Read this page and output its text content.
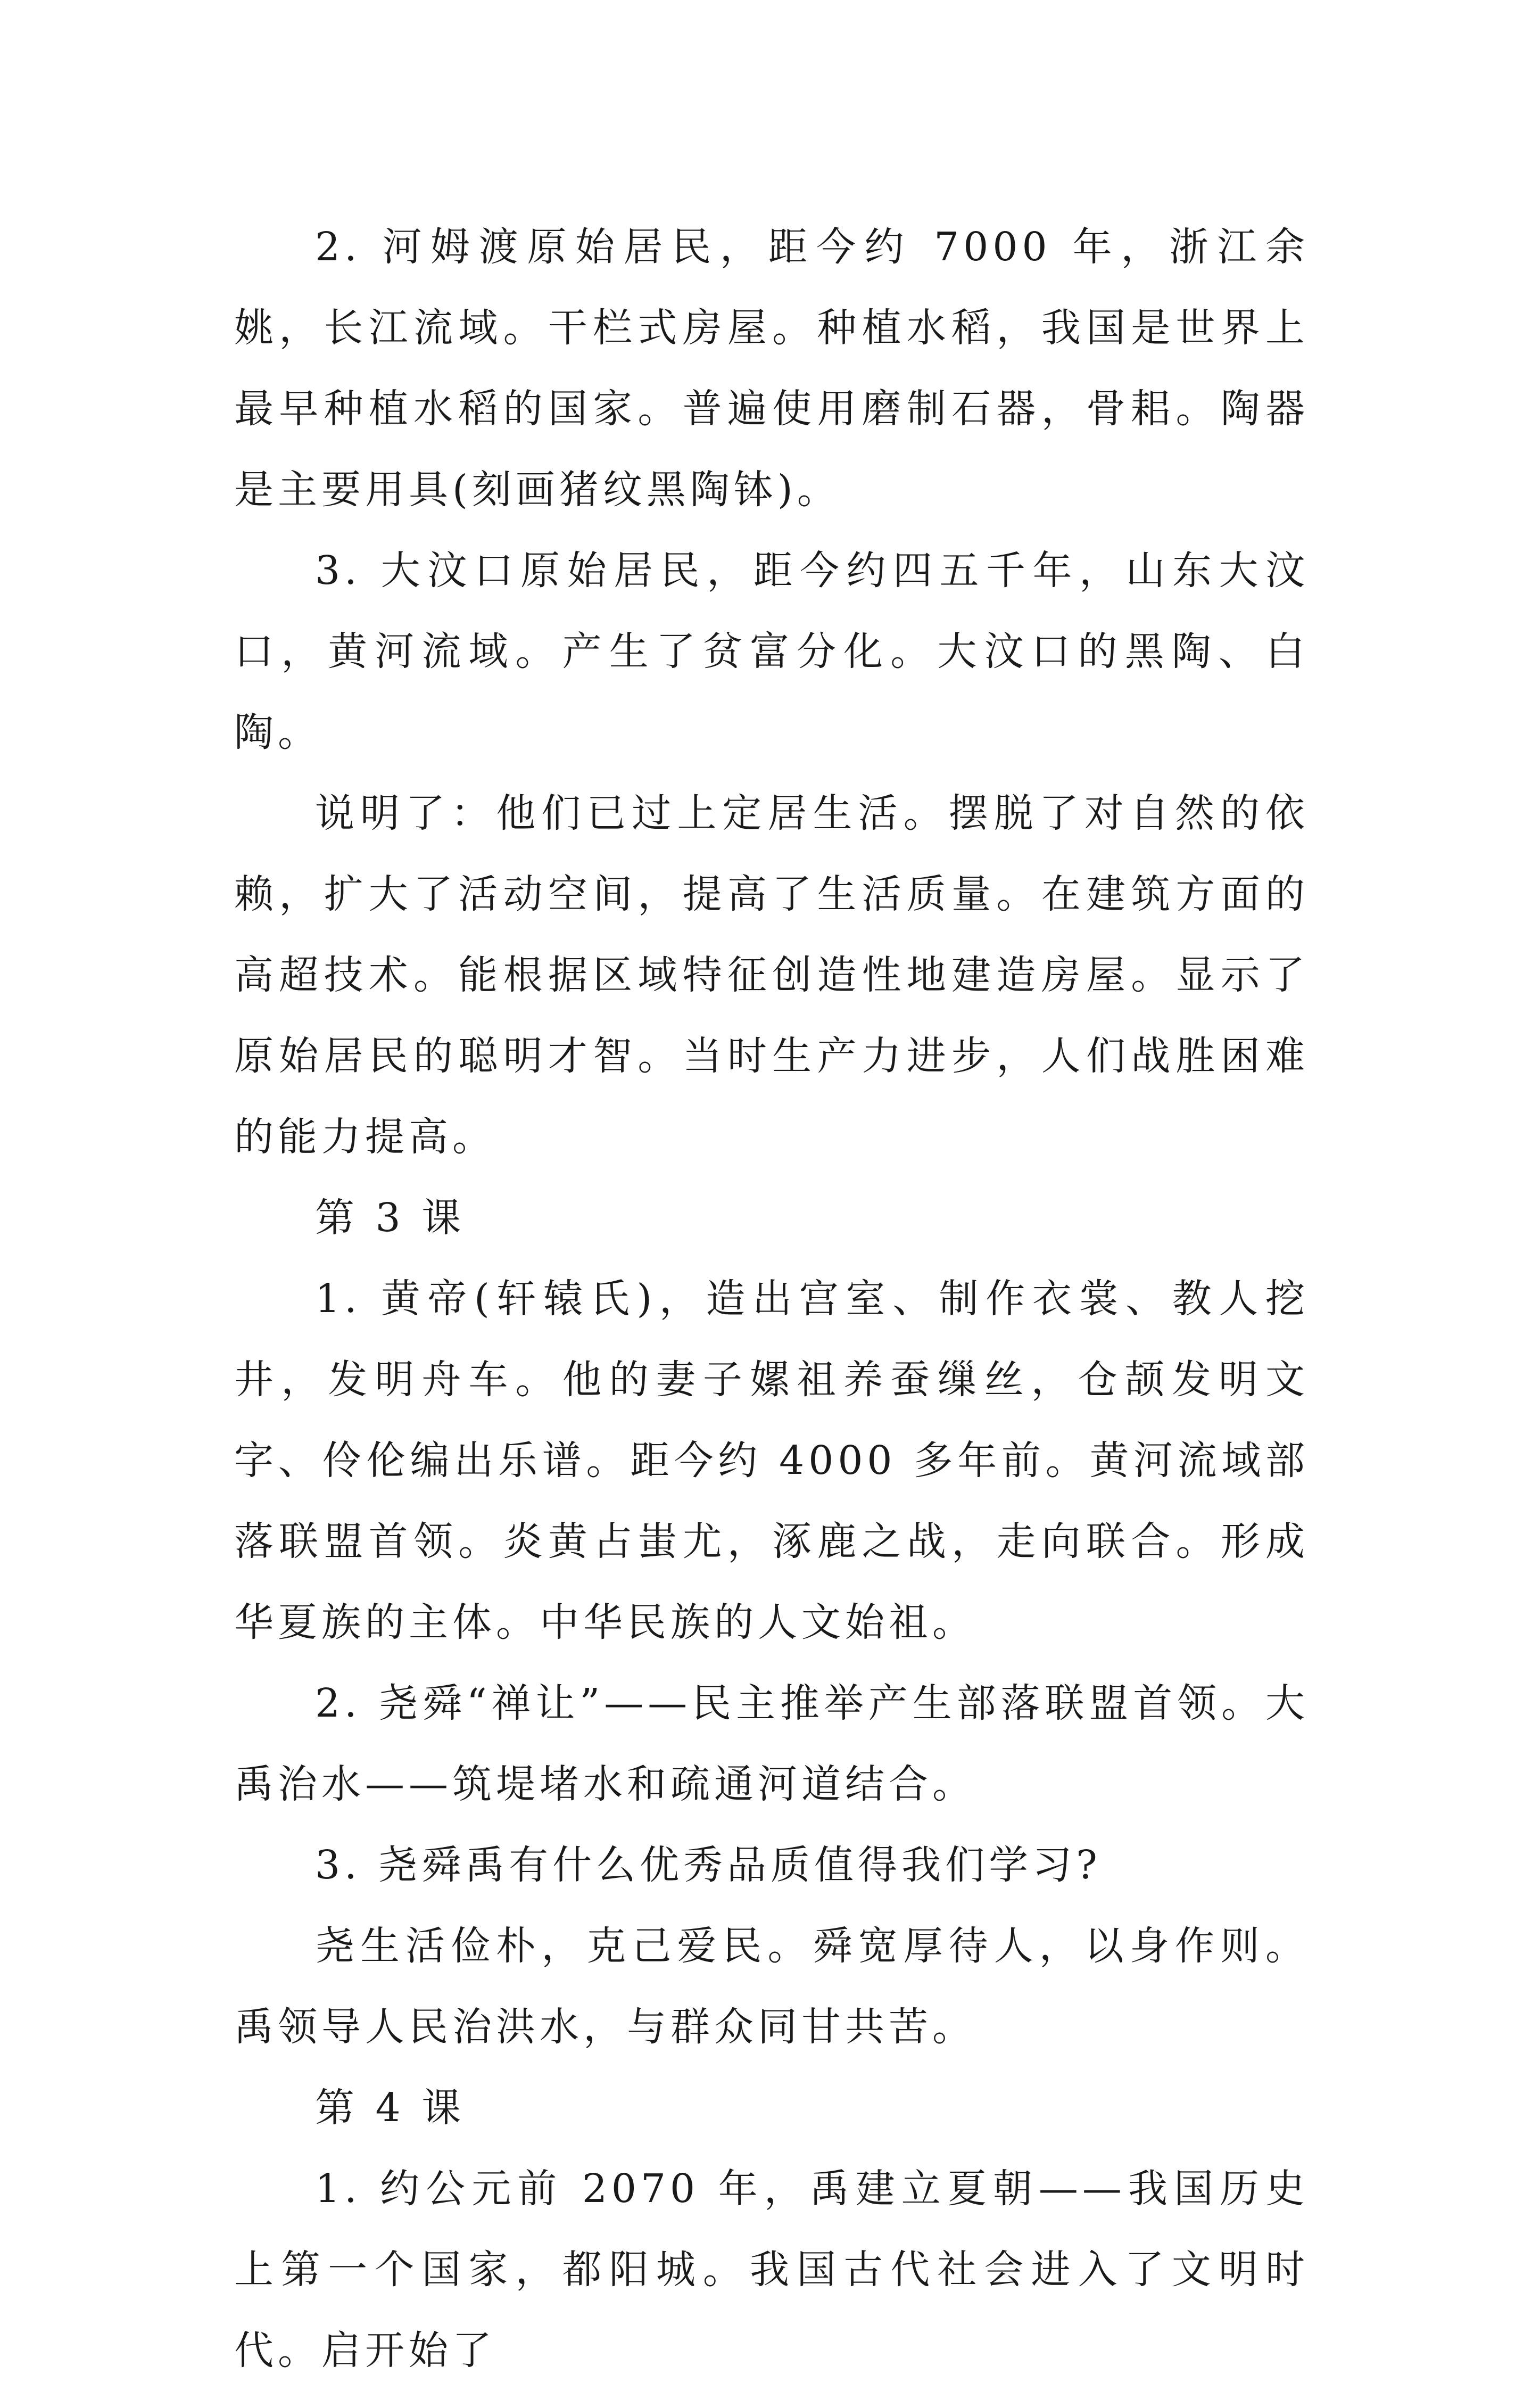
2. 河姆渡原始居民，距今约 7000 年，浙江余姚，长江流域。干栏式房屋。种植水稻，我国是世界上最早种植水稻的国家。普遍使用磨制石器，骨耜。陶器是主要用具(刻画猪纹黑陶钵)。

3. 大汶口原始居民，距今约四五千年，山东大汶口，黄河流域。产生了贫富分化。大汶口的黑陶、白陶。

说明了：他们已过上定居生活。摆脱了对自然的依赖，扩大了活动空间，提高了生活质量。在建筑方面的高超技术。能根据区域特征创造性地建造房屋。显示了原始居民的聪明才智。当时生产力进步，人们战胜困难的能力提高。

第 3 课

1. 黄帝(轩辕氏)，造出宫室、制作衣裳、教人挖井，发明舟车。他的妻子嫘祖养蚕缫丝，仓颉发明文字、伶伦编出乐谱。距今约 4000 多年前。黄河流域部落联盟首领。炎黄占蚩尤，涿鹿之战，走向联合。形成华夏族的主体。中华民族的人文始祖。

2. 尧舜“禅让”——民主推举产生部落联盟首领。大禹治水——筑堤堵水和疏通河道结合。

3. 尧舜禹有什么优秀品质值得我们学习?

尧生活俭朴，克己爱民。舜宽厚待人，以身作则。禹领导人民治洪水，与群众同甘共苦。

第 4 课

1. 约公元前 2070 年，禹建立夏朝——我国历史上第一个国家，都阳城。我国古代社会进入了文明时代。启开始了
